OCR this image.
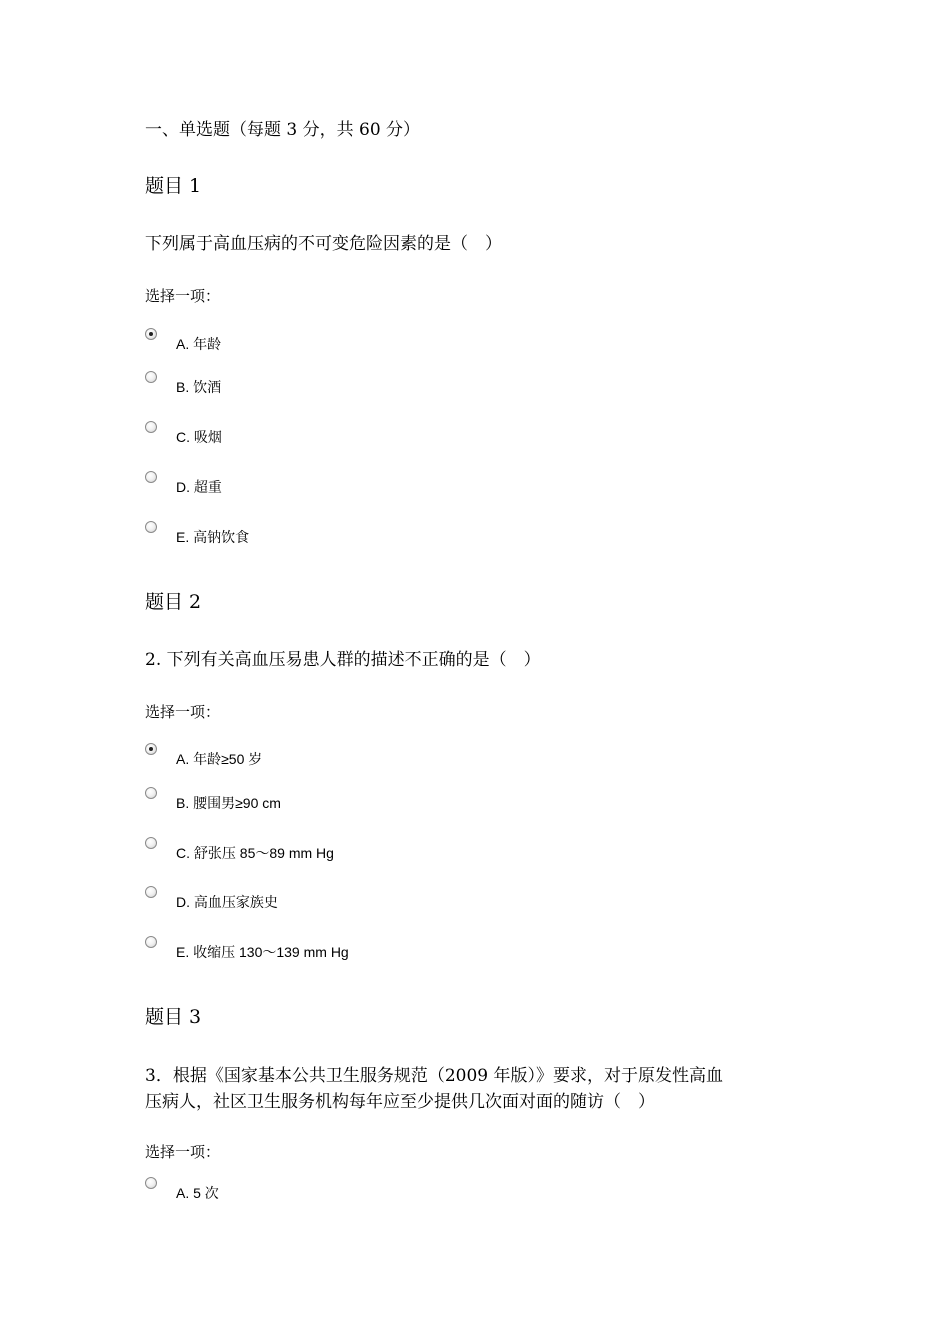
一、单选题（每题 3 分，共 60 分）
题目 1
下列属于高血压病的不可变危险因素的是（　）
选择一项：
A. 年龄
B. 饮酒
C. 吸烟
D. 超重
E. 高钠饮食
题目 2
2. 下列有关高血压易患人群的描述不正确的是（　）
选择一项：
A. 年龄≥50 岁
B. 腰围男≥90 cm
C. 舒张压 85～89 mm Hg
D. 高血压家族史
E. 收缩压 130～139 mm Hg
题目 3
3．根据《国家基本公共卫生服务规范（2009 年版）》要求，对于原发性高血
压病人，社区卫生服务机构每年应至少提供几次面对面的随访（　）
选择一项：
A. 5 次
